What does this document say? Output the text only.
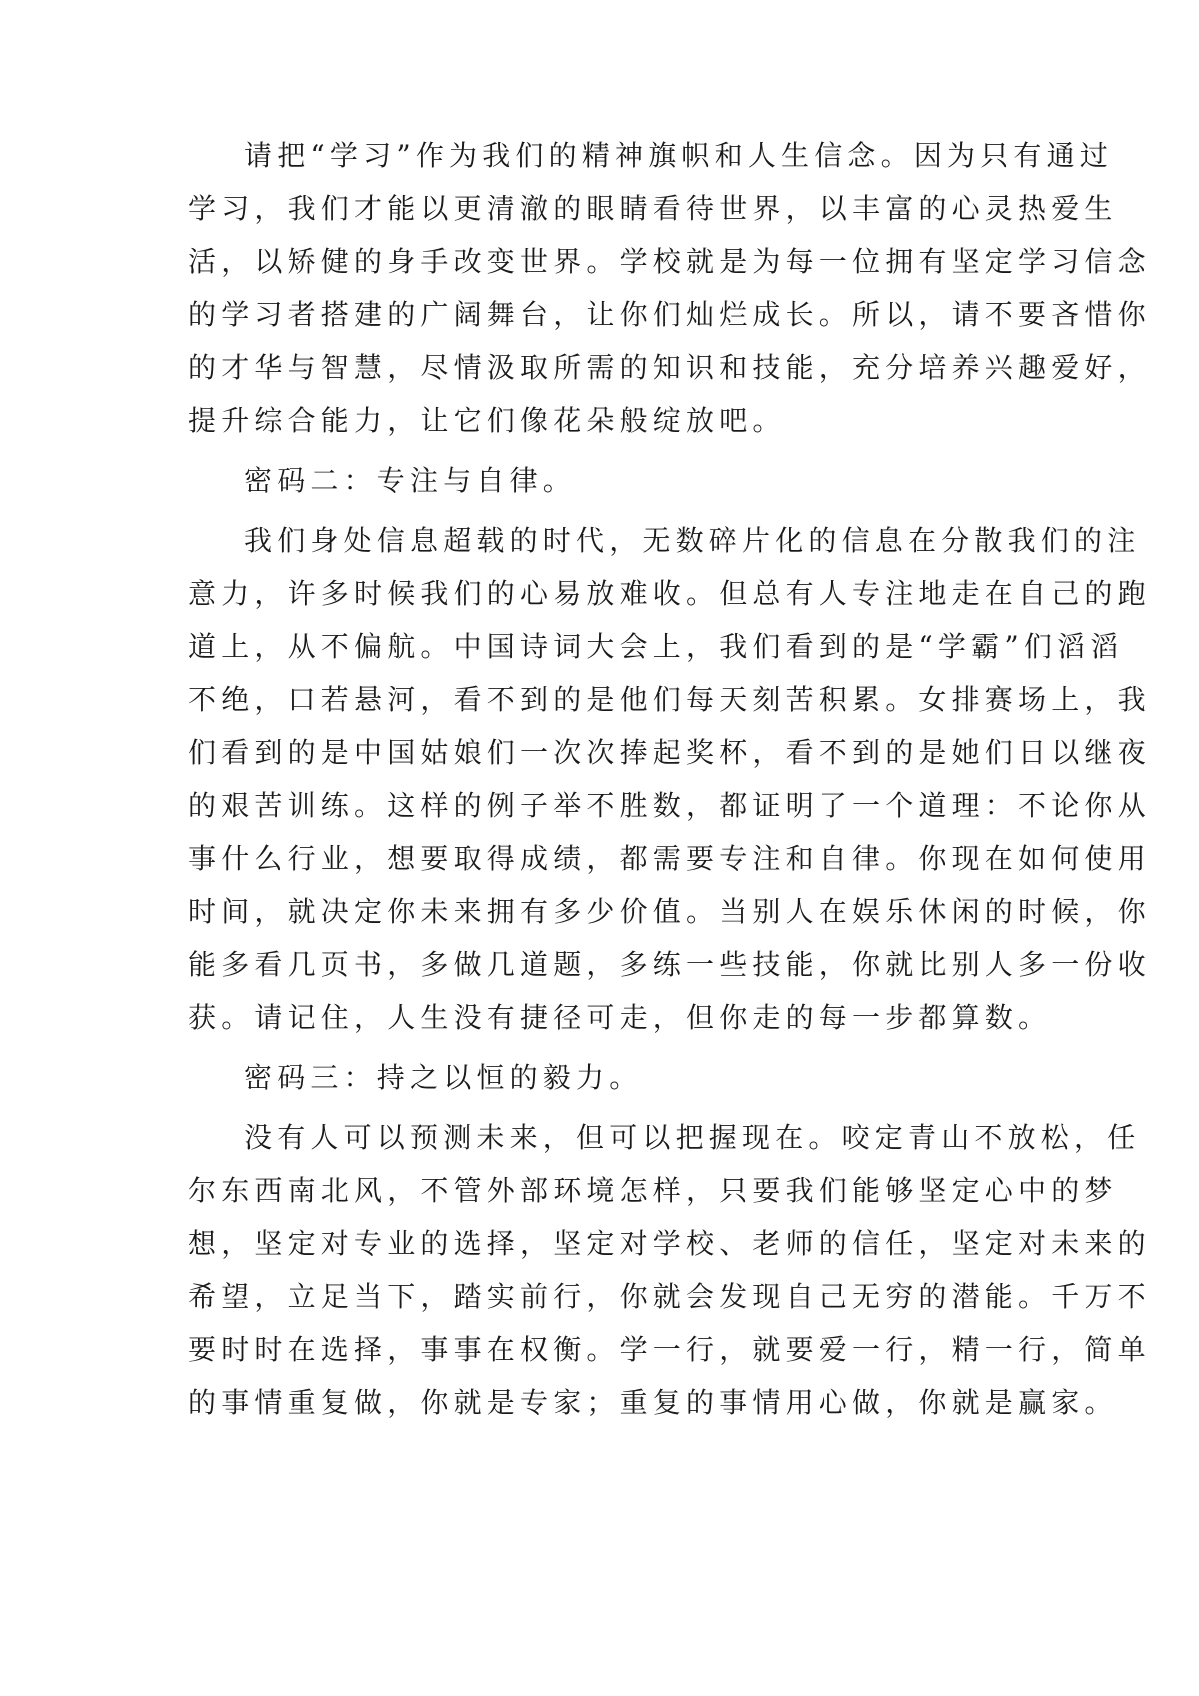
请把“学习”作为我们的精神旗帜和人生信念。因为只有通过
学习，我们才能以更清澈的眼睛看待世界，以丰富的心灵热爱生
活，以矫健的身手改变世界。学校就是为每一位拥有坚定学习信念
的学习者搭建的广阔舞台，让你们灿烂成长。所以，请不要吝惜你
的才华与智慧，尽情汲取所需的知识和技能，充分培养兴趣爱好，
提升综合能力，让它们像花朵般绽放吧。
密码二：专注与自律。
我们身处信息超载的时代，无数碎片化的信息在分散我们的注
意力，许多时候我们的心易放难收。但总有人专注地走在自己的跑
道上，从不偏航。中国诗词大会上，我们看到的是“学霸”们滔滔
不绝，口若悬河，看不到的是他们每天刻苦积累。女排赛场上，我
们看到的是中国姑娘们一次次捧起奖杯，看不到的是她们日以继夜
的艰苦训练。这样的例子举不胜数，都证明了一个道理：不论你从
事什么行业，想要取得成绩，都需要专注和自律。你现在如何使用
时间，就决定你未来拥有多少价值。当别人在娱乐休闲的时候，你
能多看几页书，多做几道题，多练一些技能，你就比别人多一份收
获。请记住，人生没有捷径可走，但你走的每一步都算数。
密码三：持之以恒的毅力。
没有人可以预测未来，但可以把握现在。咬定青山不放松，任
尔东西南北风，不管外部环境怎样，只要我们能够坚定心中的梦
想，坚定对专业的选择，坚定对学校、老师的信任，坚定对未来的
希望，立足当下，踏实前行，你就会发现自己无穷的潜能。千万不
要时时在选择，事事在权衡。学一行，就要爱一行，精一行，简单
的事情重复做，你就是专家；重复的事情用心做，你就是赢家。
